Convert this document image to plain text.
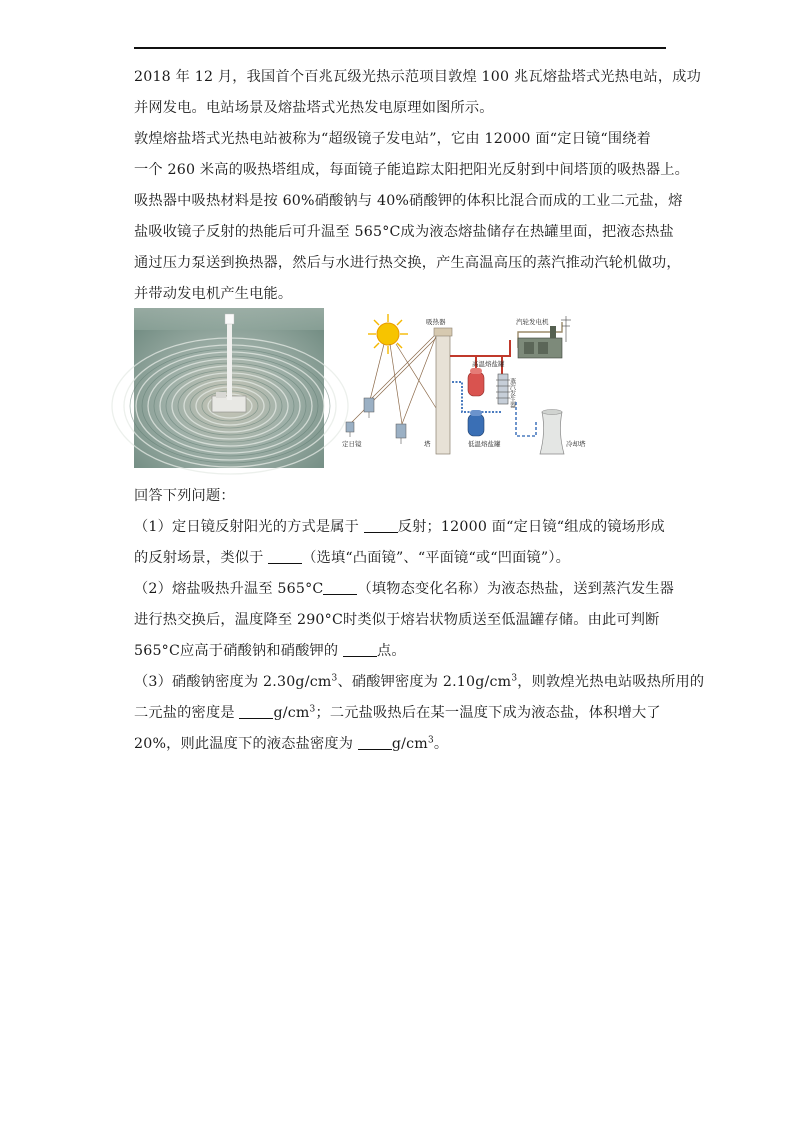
2018 年 12 月，我国首个百兆瓦级光热示范项目敦煌 100 兆瓦熔盐塔式光热电站，成功
并网发电。电站场景及熔盐塔式光热发电原理如图所示。
敦煌熔盐塔式光热电站被称为“超级镜子发电站”，它由 12000 面“定日镜“围绕着
一个 260 米高的吸热塔组成，每面镜子能追踪太阳把阳光反射到中间塔顶的吸热器上。
吸热器中吸热材料是按 60%硝酸钠与 40%硝酸钾的体积比混合而成的工业二元盐，熔
盐吸收镜子反射的热能后可升温至 565°C成为液态熔盐储存在热罐里面，把液态热盐
通过压力泵送到换热器，然后与水进行热交换，产生高温高压的蒸汽推动汽轮机做功，
并带动发电机产生电能。
吸热器
高温熔盐罐
低温熔盐罐
定日镜	塔
汽轮发电机
冷却塔
蒸汽发生器
回答下列问题：
（1）定日镜反射阳光的方式是属于 反射；12000 面“定日镜“组成的镜场形成
的反射场景，类似于 （选填“凸面镜”、“平面镜“或“凹面镜”）。
（2）熔盐吸热升温至 565°C （填物态变化名称）为液态热盐，送到蒸汽发生器
进行热交换后，温度降至 290°C时类似于熔岩状物质送至低温罐存储。由此可判断
565°C应高于硝酸钠和硝酸钾的 点。
（3）硝酸钠密度为 $2.30g/cm^3$、硝酸钾密度为 $2.10g/cm^3$，则敦煌光热电站吸热所用的
二元盐的密度是 $g/cm^3$；二元盐吸热后在某一温度下成为液态盐，体积增大了
20%，则此温度下的液态盐密度为 $g/cm^3$。
